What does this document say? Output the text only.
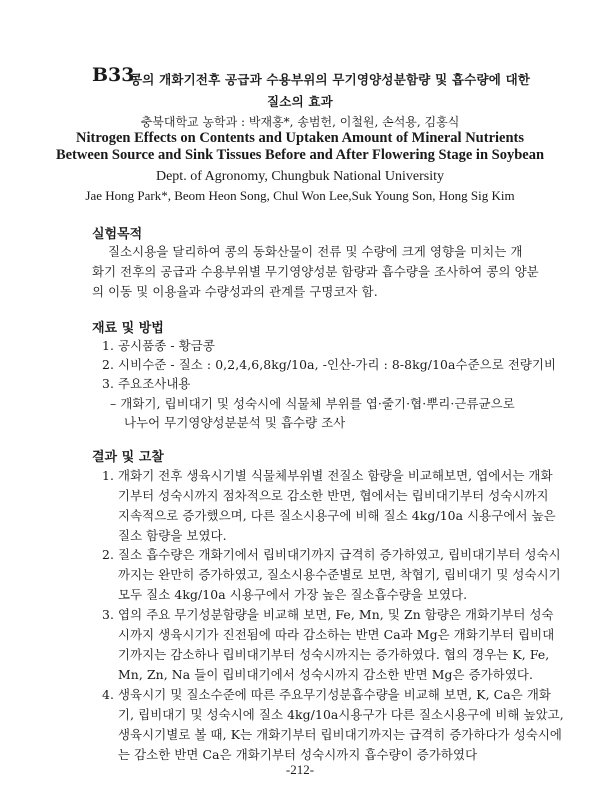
B33
콩의 개화기전후 공급과 수용부위의 무기영양성분함량 및 흡수량에 대한
질소의 효과
충북대학교 농학과 : 박재홍*, 송범헌, 이철원, 손석용, 김홍식
Nitrogen Effects on Contents and Uptaken Amount of Mineral Nutrients
Between Source and Sink Tissues Before and After Flowering Stage in Soybean
Dept. of Agronomy, Chungbuk National University
Jae Hong Park*, Beom Heon Song, Chul Won Lee,Suk Young Son, Hong Sig Kim
실험목적
질소시용을 달리하여 콩의 동화산물이 전류 및 수량에 크게 영향을 미치는 개
화기 전후의 공급과 수용부위별 무기영양성분 함량과 흡수량을 조사하여 콩의 양분
의 이동 및 이용율과 수량성과의 관계를 구명코자 함.
재료 및 방법
1. 공시품종 - 황금콩
2. 시비수준 - 질소 : 0,2,4,6,8kg/10a, -인산-가리 : 8-8kg/10a수준으로 전량기비
3. 주요조사내용
– 개화기, 립비대기 및 성숙시에 식물체 부위를 엽·줄기·협·뿌리·근류균으로
나누어 무기영양성분분석 및 흡수량 조사
결과 및 고찰
1. 개화기 전후 생육시기별 식물체부위별 전질소 함량을 비교해보면, 엽에서는 개화
기부터 성숙시까지 점차적으로 감소한 반면, 협에서는 립비대기부터 성숙시까지
지속적으로 증가했으며, 다른 질소시용구에 비해 질소 4kg/10a 시용구에서 높은
질소 함량을 보였다.
2. 질소 흡수량은 개화기에서 립비대기까지 급격히 증가하였고, 립비대기부터 성숙시
까지는 완만히 증가하였고, 질소시용수준별로 보면, 착협기, 립비대기 및 성숙시기
모두 질소 4kg/10a 시용구에서 가장 높은 질소흡수량을 보였다.
3. 엽의 주요 무기성분함량을 비교해 보면, Fe, Mn, 및 Zn 함량은 개화기부터 성숙
시까지 생육시기가 진전됨에 따라 감소하는 반면 Ca과 Mg은 개화기부터 립비대
기까지는 감소하나 립비대기부터 성숙시까지는 증가하였다. 협의 경우는 K, Fe,
Mn, Zn, Na 들이 립비대기에서 성숙시까지 감소한 반면 Mg은 증가하였다.
4. 생육시기 및 질소수준에 따른 주요무기성분흡수량을 비교해 보면, K, Ca은 개화
기, 립비대기 및 성숙시에 질소 4kg/10a시용구가 다른 질소시용구에 비해 높았고,
생육시기별로 볼 때, K는 개화기부터 립비대기까지는 급격히 증가하다가 성숙시에
는 감소한 반면 Ca은 개화기부터 성숙시까지 흡수량이 증가하였다
-212-
